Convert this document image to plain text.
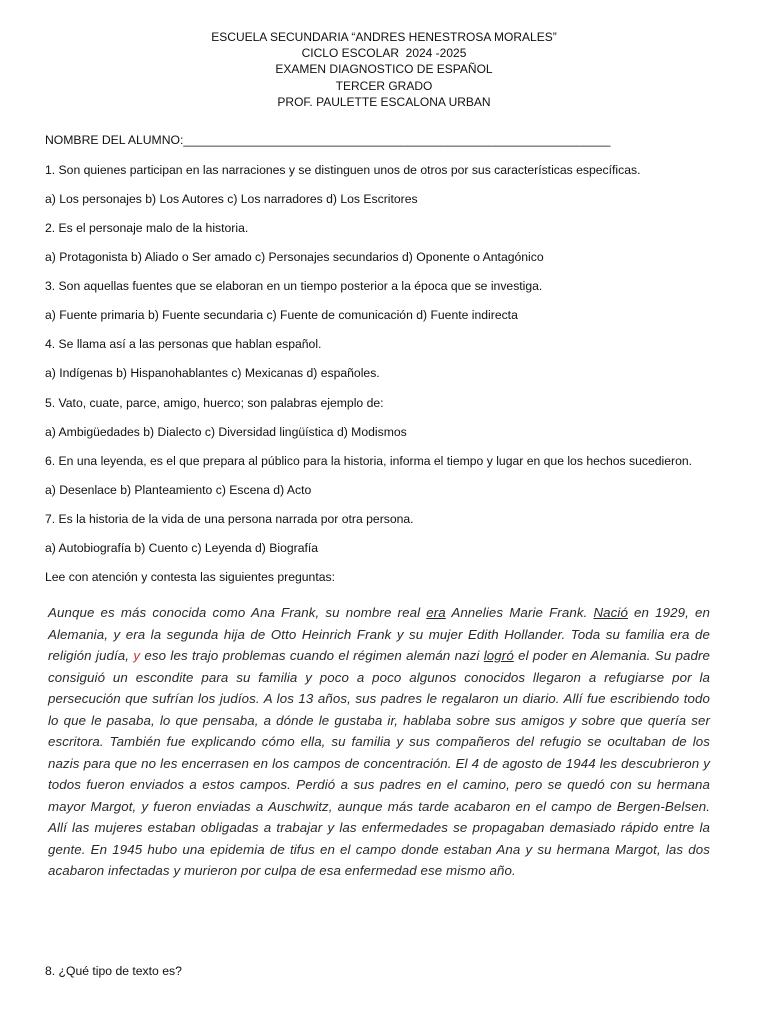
ESCUELA SECUNDARIA “ANDRES HENESTROSA MORALES”
CICLO ESCOLAR  2024 -2025
EXAMEN DIAGNOSTICO DE ESPAÑOL
TERCER GRADO
PROF. PAULETTE ESCALONA URBAN
NOMBRE DEL ALUMNO:_______________________________________________________________
1. Son quienes participan en las narraciones y se distinguen unos de otros por sus características específicas.
a) Los personajes b) Los Autores c) Los narradores d) Los Escritores
2. Es el personaje malo de la historia.
a) Protagonista b) Aliado o Ser amado c) Personajes secundarios d) Oponente o Antagónico
3. Son aquellas fuentes que se elaboran en un tiempo posterior a la época que se investiga.
a) Fuente primaria b) Fuente secundaria c) Fuente de comunicación d) Fuente indirecta
4. Se llama así a las personas que hablan español.
a) Indígenas b) Hispanohablantes c) Mexicanas d) españoles.
5. Vato, cuate, parce, amigo, huerco; son palabras ejemplo de:
a) Ambigüedades b) Dialecto c) Diversidad lingüística d) Modismos
6. En una leyenda, es el que prepara al público para la historia, informa el tiempo y lugar en que los hechos sucedieron.
a) Desenlace b) Planteamiento c) Escena d) Acto
7. Es la historia de la vida de una persona narrada por otra persona.
a) Autobiografía b) Cuento c) Leyenda d) Biografía
Lee con atención y contesta las siguientes preguntas:
Aunque es más conocida como Ana Frank, su nombre real era Annelies Marie Frank. Nació en 1929, en Alemania, y era la segunda hija de Otto Heinrich Frank y su mujer Edith Hollander. Toda su familia era de religión judía, y eso les trajo problemas cuando el régimen alemán nazi logró el poder en Alemania. Su padre consiguió un escondite para su familia y poco a poco algunos conocidos llegaron a refugiarse por la persecución que sufrían los judíos. A los 13 años, sus padres le regalaron un diario. Allí fue escribiendo todo lo que le pasaba, lo que pensaba, a dónde le gustaba ir, hablaba sobre sus amigos y sobre que quería ser escritora. También fue explicando cómo ella, su familia y sus compañeros del refugio se ocultaban de los nazis para que no les encerrasen en los campos de concentración. El 4 de agosto de 1944 les descubrieron y todos fueron enviados a estos campos. Perdió a sus padres en el camino, pero se quedó con su hermana mayor Margot, y fueron enviadas a Auschwitz, aunque más tarde acabaron en el campo de Bergen-Belsen. Allí las mujeres estaban obligadas a trabajar y las enfermedades se propagaban demasiado rápido entre la gente. En 1945 hubo una epidemia de tifus en el campo donde estaban Ana y su hermana Margot, las dos acabaron infectadas y murieron por culpa de esa enfermedad ese mismo año.
8. ¿Qué tipo de texto es?
